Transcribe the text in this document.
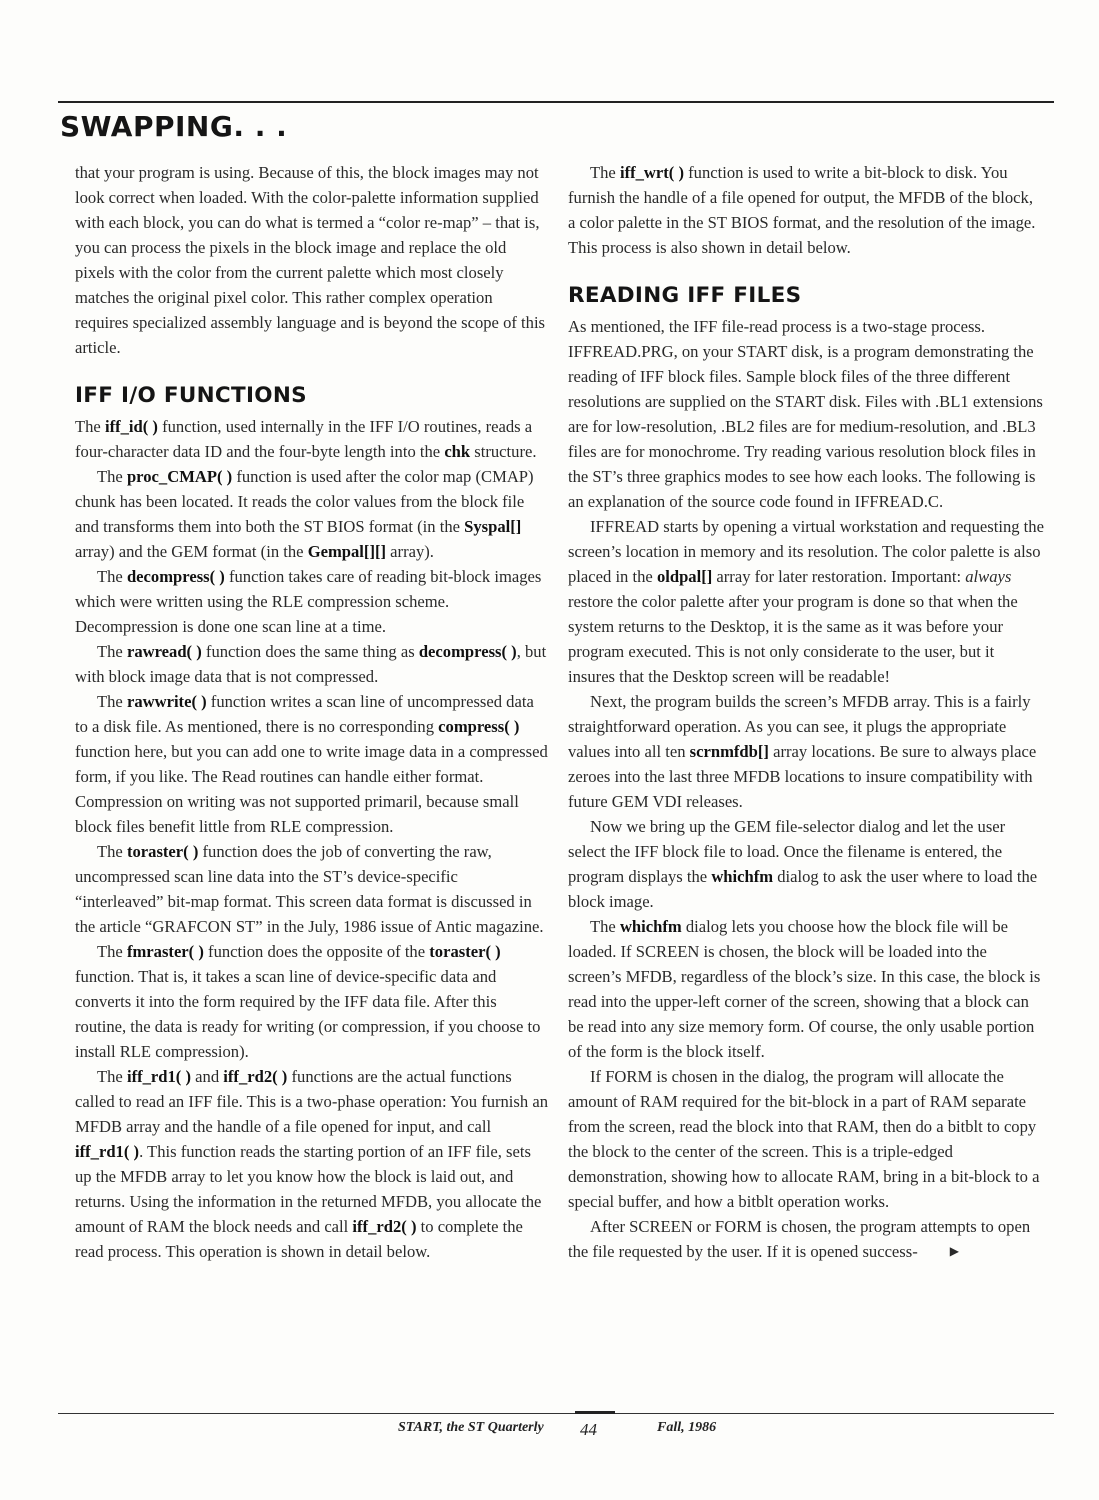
SWAPPING. . .

that your program is using. Because of this, the block images may not look correct when loaded. With the color-palette information supplied with each block, you can do what is termed a “color re-map” – that is, you can process the pixels in the block image and replace the old pixels with the color from the current palette which most closely matches the original pixel color. This rather complex operation requires specialized assembly language and is beyond the scope of this article.

IFF I/O FUNCTIONS

The iff_id( ) function, used internally in the IFF I/O routines, reads a four-character data ID and the four-byte length into the chk structure.

The proc_CMAP( ) function is used after the color map (CMAP) chunk has been located. It reads the color values from the block file and transforms them into both the ST BIOS format (in the Syspal[] array) and the GEM format (in the Gempal[][] array).

The decompress( ) function takes care of reading bit-block images which were written using the RLE compression scheme. Decompression is done one scan line at a time.

The rawread( ) function does the same thing as decompress( ), but with block image data that is not compressed.

The rawwrite( ) function writes a scan line of uncompressed data to a disk file. As mentioned, there is no corresponding compress( ) function here, but you can add one to write image data in a compressed form, if you like. The Read routines can handle either format. Compression on writing was not supported primaril, because small block files benefit little from RLE compression.

The toraster( ) function does the job of converting the raw, uncompressed scan line data into the ST’s device-specific “interleaved” bit-map format. This screen data format is discussed in the article “GRAFCON ST” in the July, 1986 issue of Antic magazine.

The fmraster( ) function does the opposite of the toraster( ) function. That is, it takes a scan line of device-specific data and converts it into the form required by the IFF data file. After this routine, the data is ready for writing (or compression, if you choose to install RLE compression).

The iff_rd1( ) and iff_rd2( ) functions are the actual functions called to read an IFF file. This is a two-phase operation: You furnish an MFDB array and the handle of a file opened for input, and call iff_rd1( ). This function reads the starting portion of an IFF file, sets up the MFDB array to let you know how the block is laid out, and returns. Using the information in the returned MFDB, you allocate the amount of RAM the block needs and call iff_rd2( ) to complete the read process. This operation is shown in detail below.

The iff_wrt( ) function is used to write a bit-block to disk. You furnish the handle of a file opened for output, the MFDB of the block, a color palette in the ST BIOS format, and the resolution of the image. This process is also shown in detail below.

READING IFF FILES

As mentioned, the IFF file-read process is a two-stage process. IFFREAD.PRG, on your START disk, is a program demonstrating the reading of IFF block files. Sample block files of the three different resolutions are supplied on the START disk. Files with .BL1 extensions are for low-resolution, .BL2 files are for medium-resolution, and .BL3 files are for monochrome. Try reading various resolution block files in the ST’s three graphics modes to see how each looks. The following is an explanation of the source code found in IFFREAD.C.

IFFREAD starts by opening a virtual workstation and requesting the screen’s location in memory and its resolution. The color palette is also placed in the oldpal[] array for later restoration. Important: always restore the color palette after your program is done so that when the system returns to the Desktop, it is the same as it was before your program executed. This is not only considerate to the user, but it insures that the Desktop screen will be readable!

Next, the program builds the screen’s MFDB array. This is a fairly straightforward operation. As you can see, it plugs the appropriate values into all ten scrnmfdb[] array locations. Be sure to always place zeroes into the last three MFDB locations to insure compatibility with future GEM VDI releases.

Now we bring up the GEM file-selector dialog and let the user select the IFF block file to load. Once the filename is entered, the program displays the whichfm dialog to ask the user where to load the block image.

The whichfm dialog lets you choose how the block file will be loaded. If SCREEN is chosen, the block will be loaded into the screen’s MFDB, regardless of the block’s size. In this case, the block is read into the upper-left corner of the screen, showing that a block can be read into any size memory form. Of course, the only usable portion of the form is the block itself.

If FORM is chosen in the dialog, the program will allocate the amount of RAM required for the bit-block in a part of RAM separate from the screen, read the block into that RAM, then do a bitblt to copy the block to the center of the screen. This is a triple-edged demonstration, showing how to allocate RAM, bring in a bit-block to a special buffer, and how a bitblt operation works.

After SCREEN or FORM is chosen, the program attempts to open the file requested by the user. If it is opened success-	▶

START, the ST Quarterly 44	Fall, 1986
